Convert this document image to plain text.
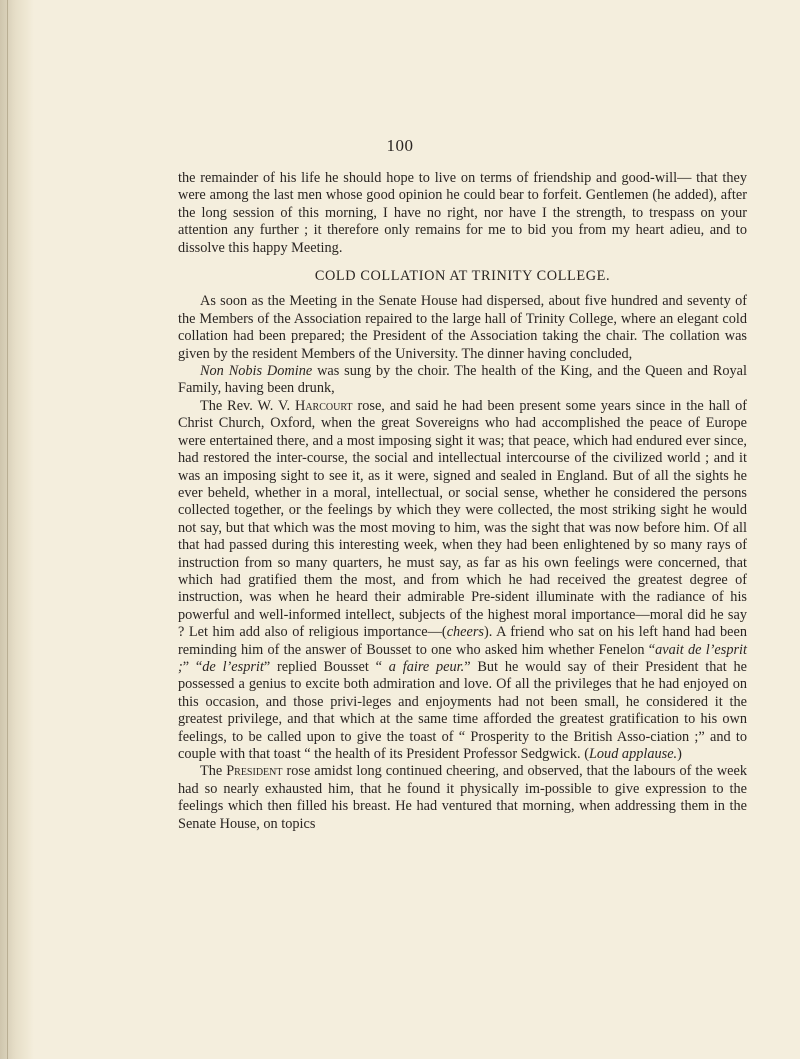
100

the remainder of his life he should hope to live on terms of friendship and good-will— that they were among the last men whose good opinion he could bear to forfeit. Gentlemen (he added), after the long session of this morning, I have no right, nor have I the strength, to trespass on your attention any further ; it therefore only remains for me to bid you from my heart adieu, and to dissolve this happy Meeting.

COLD COLLATION AT TRINITY COLLEGE.

As soon as the Meeting in the Senate House had dispersed, about five hundred and seventy of the Members of the Association repaired to the large hall of Trinity College, where an elegant cold collation had been prepared; the President of the Association taking the chair. The collation was given by the resident Members of the University. The dinner having concluded,

Non Nobis Domine was sung by the choir. The health of the King, and the Queen and Royal Family, having been drunk,

The Rev. W. V. Harcourt rose, and said he had been present some years since in the hall of Christ Church, Oxford, when the great Sovereigns who had accomplished the peace of Europe were entertained there, and a most imposing sight it was; that peace, which had endured ever since, had restored the inter-course, the social and intellectual intercourse of the civilized world ; and it was an imposing sight to see it, as it were, signed and sealed in England. But of all the sights he ever beheld, whether in a moral, intellectual, or social sense, whether he considered the persons collected together, or the feelings by which they were collected, the most striking sight he would not say, but that which was the most moving to him, was the sight that was now before him. Of all that had passed during this interesting week, when they had been enlightened by so many rays of instruction from so many quarters, he must say, as far as his own feelings were concerned, that which had gratified them the most, and from which he had received the greatest degree of instruction, was when he heard their admirable Pre-sident illuminate with the radiance of his powerful and well-informed intellect, subjects of the highest moral importance—moral did he say ? Let him add also of religious importance—(cheers). A friend who sat on his left hand had been reminding him of the answer of Bousset to one who asked him whether Fenelon “avait de l’esprit ;” “de l’esprit” replied Bousset “ a faire peur.” But he would say of their President that he possessed a genius to excite both admiration and love. Of all the privileges that he had enjoyed on this occasion, and those privi-leges and enjoyments had not been small, he considered it the greatest privilege, and that which at the same time afforded the greatest gratification to his own feelings, to be called upon to give the toast of “ Prosperity to the British Asso-ciation ;” and to couple with that toast “ the health of its President Professor Sedgwick. (Loud applause.)

The President rose amidst long continued cheering, and observed, that the labours of the week had so nearly exhausted him, that he found it physically im-possible to give expression to the feelings which then filled his breast. He had ventured that morning, when addressing them in the Senate House, on topics
